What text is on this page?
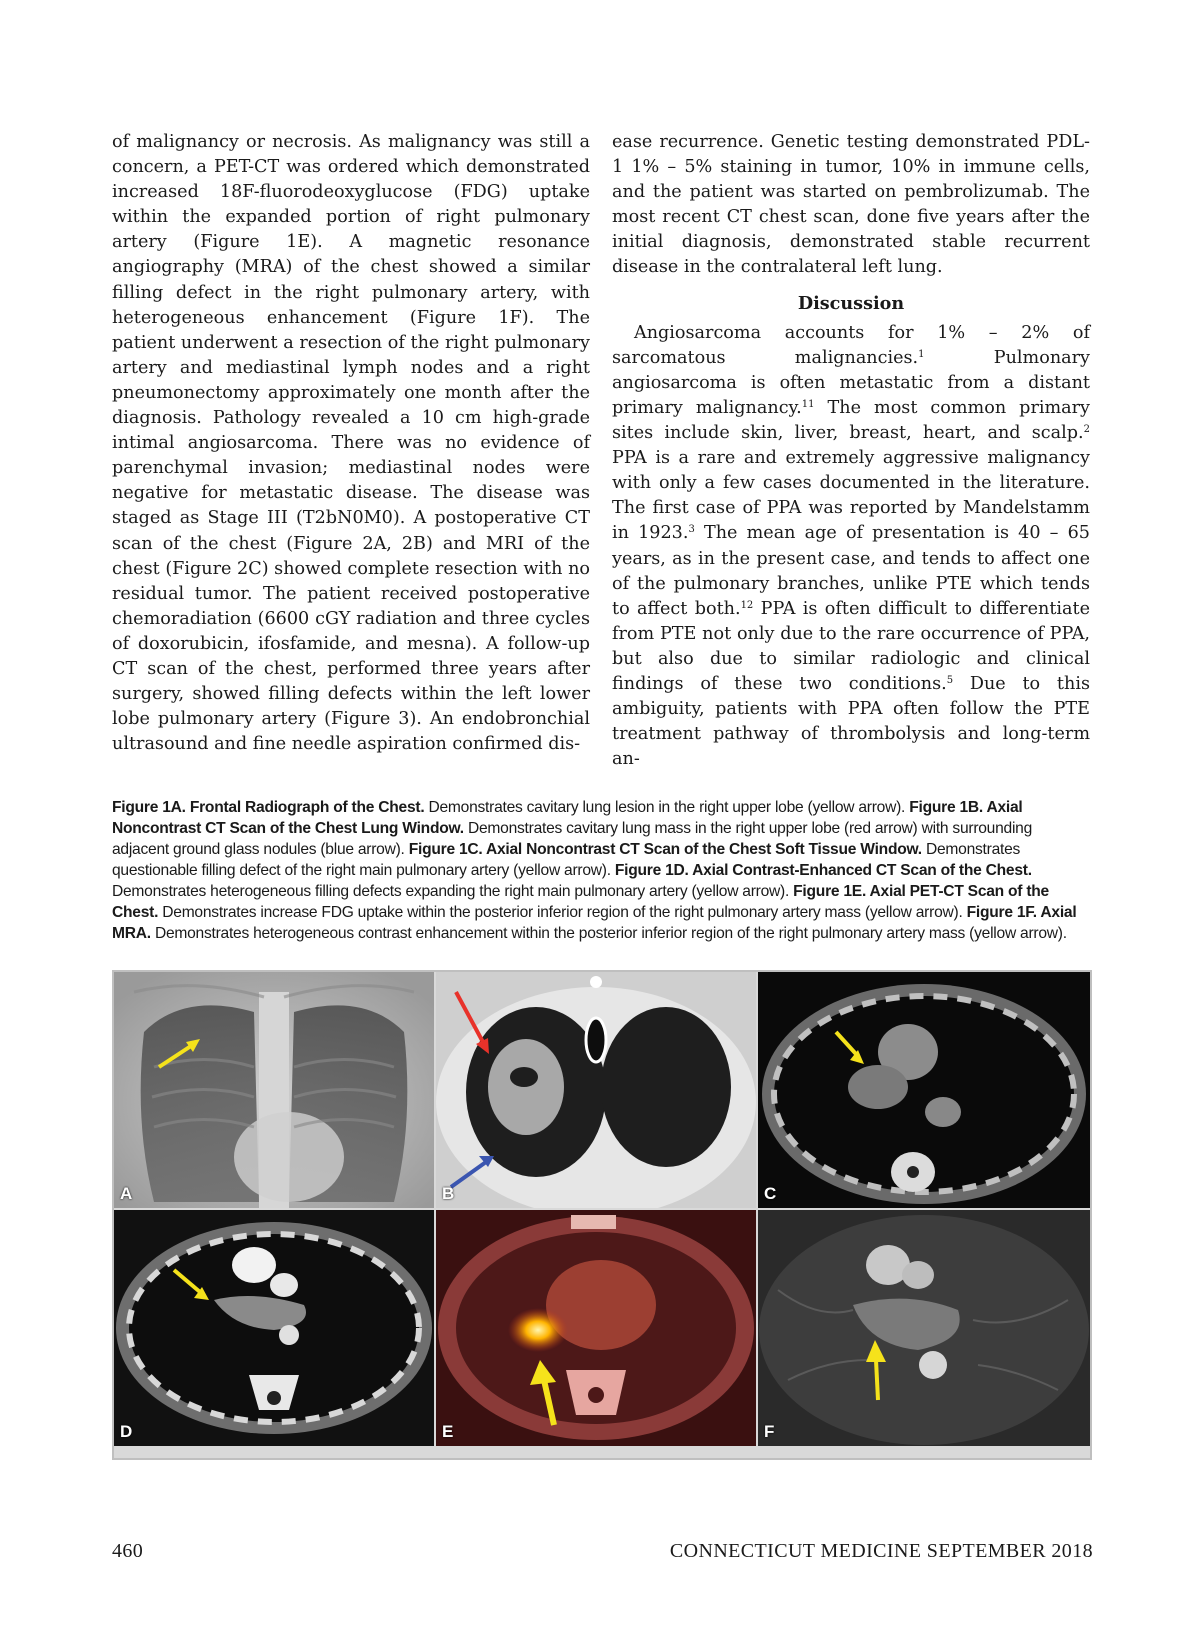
of malignancy or necrosis. As malignancy was still a concern, a PET-CT was ordered which demonstrated increased 18F-fluorodeoxyglucose (FDG) uptake within the expanded portion of right pulmonary artery (Figure 1E). A magnetic resonance angiography (MRA) of the chest showed a similar filling defect in the right pulmonary artery, with heterogeneous enhancement (Figure 1F). The patient underwent a resection of the right pulmonary artery and mediastinal lymph nodes and a right pneumonectomy approximately one month after the diagnosis. Pathology revealed a 10 cm high-grade intimal angiosarcoma. There was no evidence of parenchymal invasion; mediastinal nodes were negative for metastatic disease. The disease was staged as Stage III (T2bN0M0). A postoperative CT scan of the chest (Figure 2A, 2B) and MRI of the chest (Figure 2C) showed complete resection with no residual tumor. The patient received postoperative chemoradiation (6600 cGY radiation and three cycles of doxorubicin, ifosfamide, and mesna). A follow-up CT scan of the chest, performed three years after surgery, showed filling defects within the left lower lobe pulmonary artery (Figure 3). An endobronchial ultrasound and fine needle aspiration confirmed dis-

ease recurrence. Genetic testing demonstrated PDL-1 1% – 5% staining in tumor, 10% in immune cells, and the patient was started on pembrolizumab. The most recent CT chest scan, done five years after the initial diagnosis, demonstrated stable recurrent disease in the contralateral left lung.

Discussion

Angiosarcoma accounts for 1% – 2% of sarcomatous malignancies.$^1$ Pulmonary angiosarcoma is often metastatic from a distant primary malignancy.$^{11}$ The most common primary sites include skin, liver, breast, heart, and scalp.$^2$ PPA is a rare and extremely aggressive malignancy with only a few cases documented in the literature. The first case of PPA was reported by Mandelstamm in 1923.$^3$ The mean age of presentation is 40 – 65 years, as in the present case, and tends to affect one of the pulmonary branches, unlike PTE which tends to affect both.$^{12}$ PPA is often difficult to differentiate from PTE not only due to the rare occurrence of PPA, but also due to similar radiologic and clinical findings of these two conditions.$^5$ Due to this ambiguity, patients with PPA often follow the PTE treatment pathway of thrombolysis and long-term an-

Figure 1A. Frontal Radiograph of the Chest. Demonstrates cavitary lung lesion in the right upper lobe (yellow arrow). Figure 1B. Axial Noncontrast CT Scan of the Chest Lung Window. Demonstrates cavitary lung mass in the right upper lobe (red arrow) with surrounding adjacent ground glass nodules (blue arrow). Figure 1C. Axial Noncontrast CT Scan of the Chest Soft Tissue Window. Demonstrates questionable filling defect of the right main pulmonary artery (yellow arrow). Figure 1D. Axial Contrast-Enhanced CT Scan of the Chest. Demonstrates heterogeneous filling defects expanding the right main pulmonary artery (yellow arrow). Figure 1E. Axial PET-CT Scan of the Chest. Demonstrates increase FDG uptake within the posterior inferior region of the right pulmonary artery mass (yellow arrow). Figure 1F. Axial MRA. Demonstrates heterogeneous contrast enhancement within the posterior inferior region of the right pulmonary artery mass (yellow arrow).
A	B	C
D	E	F
460	CONNECTICUT MEDICINE SEPTEMBER 2018
